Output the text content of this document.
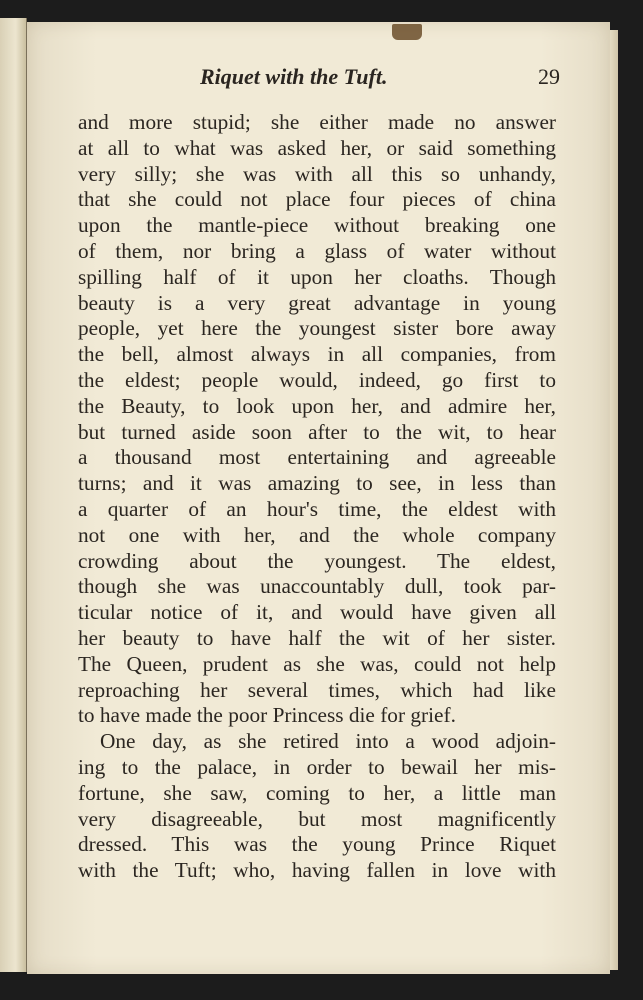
Riquet with the Tuft.	29
and more stupid; she either made no answer
at all to what was asked her, or said something
very silly; she was with all this so unhandy,
that she could not place four pieces of china
upon the mantle-piece without breaking one
of them, nor bring a glass of water without
spilling half of it upon her cloaths. Though
beauty is a very great advantage in young
people, yet here the youngest sister bore away
the bell, almost always in all companies, from
the eldest; people would, indeed, go first to
the Beauty, to look upon her, and admire her,
but turned aside soon after to the wit, to hear
a thousand most entertaining and agreeable
turns; and it was amazing to see, in less than
a quarter of an hour's time, the eldest with
not one with her, and the whole company
crowding about the youngest. The eldest,
though she was unaccountably dull, took par-
ticular notice of it, and would have given all
her beauty to have half the wit of her sister.
The Queen, prudent as she was, could not help
reproaching her several times, which had like
to have made the poor Princess die for grief.
One day, as she retired into a wood adjoin-
ing to the palace, in order to bewail her mis-
fortune, she saw, coming to her, a little man
very disagreeable, but most magnificently
dressed. This was the young Prince Riquet
with the Tuft; who, having fallen in love with
